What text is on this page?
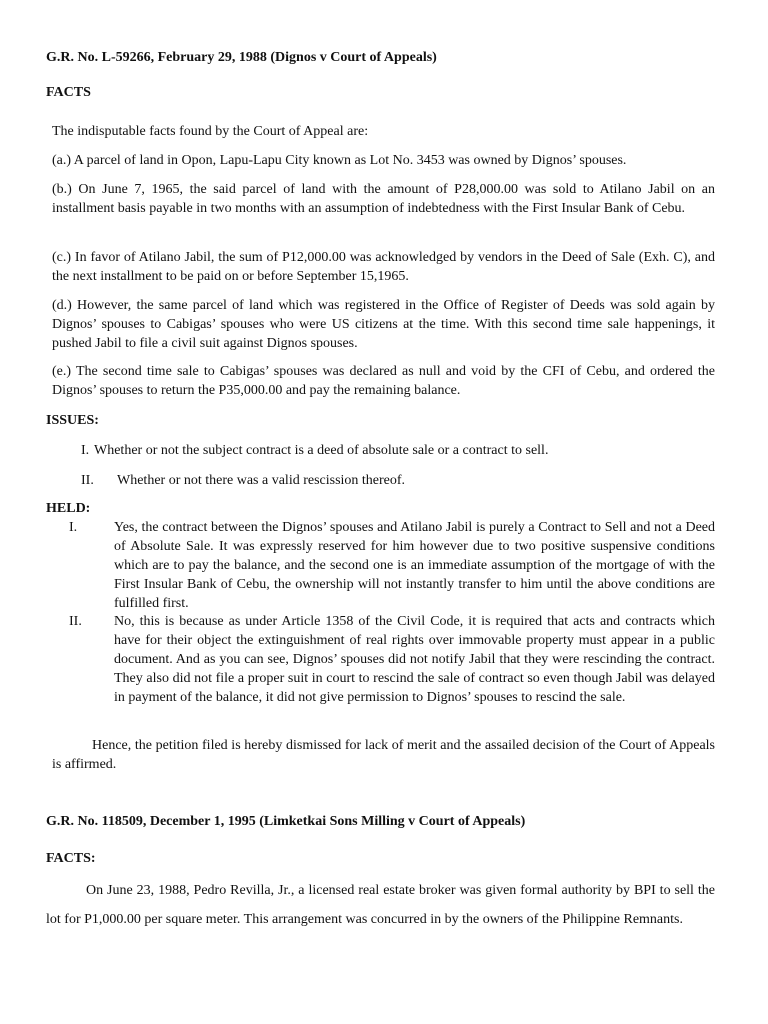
G.R. No. L-59266, February 29, 1988 (Dignos v Court of Appeals)
FACTS
The indisputable facts found by the Court of Appeal are:

(a.) A parcel of land in Opon, Lapu-Lapu City known as Lot No. 3453 was owned by Dignos’ spouses.

(b.) On June 7, 1965, the said parcel of land with the amount of P28,000.00 was sold to Atilano Jabil on an installment basis payable in two months with an assumption of indebtedness with the First Insular Bank of Cebu.

(c.) In favor of Atilano Jabil, the sum of P12,000.00 was acknowledged by vendors in the Deed of Sale (Exh. C), and the next installment to be paid on or before September 15,1965.

(d.) However, the same parcel of land which was registered in the Office of Register of Deeds was sold again by Dignos’ spouses to Cabigas’ spouses who were US citizens at the time. With this second time sale happenings, it pushed Jabil to file a civil suit against Dignos spouses.

(e.) The second time sale to Cabigas’ spouses was declared as null and void by the CFI of Cebu, and ordered the Dignos’ spouses to return the P35,000.00 and pay the remaining balance.

ISSUES:
I. Whether or not the subject contract is a deed of absolute sale or a contract to sell.
II. Whether or not there was a valid rescission thereof.
HELD:
I.	Yes, the contract between the Dignos’ spouses and Atilano Jabil is purely a Contract to Sell and not a Deed of Absolute Sale. It was expressly reserved for him however due to two positive suspensive conditions which are to pay the balance, and the second one is an immediate assumption of the mortgage of with the First Insular Bank of Cebu, the ownership will not instantly transfer to him until the above conditions are fulfilled first.

II. No, this is because as under Article 1358 of the Civil Code, it is required that acts and contracts which have for their object the extinguishment of real rights over immovable property must appear in a public document. And as you can see, Dignos’ spouses did not notify Jabil that they were rescinding the contract. They also did not file a proper suit in court to rescind the sale of contract so even though Jabil was delayed in payment of the balance, it did not give permission to Dignos’ spouses to rescind the sale.

Hence, the petition filed is hereby dismissed for lack of merit and the assailed decision of the Court of Appeals is affirmed.

G.R. No. 118509, December 1, 1995 (Limketkai Sons Milling v Court of Appeals)
FACTS:

On June 23, 1988, Pedro Revilla, Jr., a licensed real estate broker was given formal authority by BPI to sell the lot for P1,000.00 per square meter. This arrangement was concurred in by the owners of the Philippine Remnants.
